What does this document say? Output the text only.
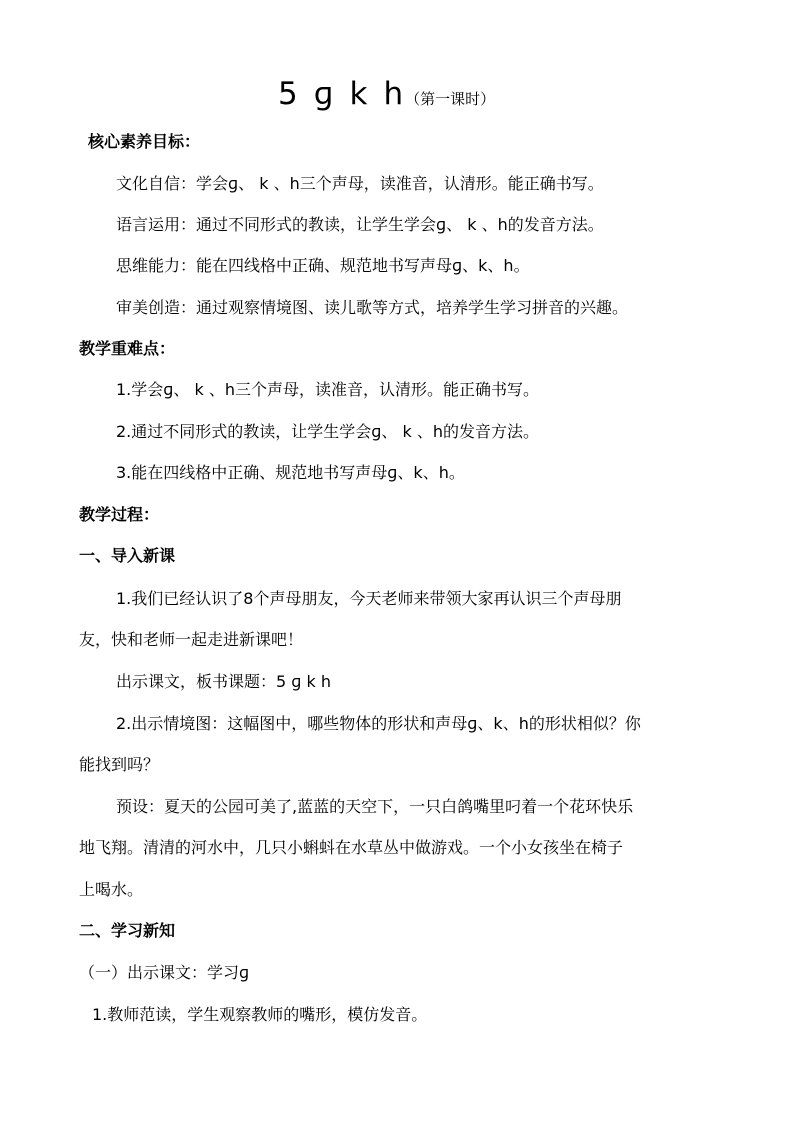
5 ɡ k h （第一课时）

核心素养目标：

文化自信：学会ɡ、 k 、h三个声母，读准音，认清形。能正确书写。

语言运用：通过不同形式的教读，让学生学会ɡ、 k 、h的发音方法。

思维能力：能在四线格中正确、规范地书写声母ɡ、k、h。

审美创造：通过观察情境图、读儿歌等方式，培养学生学习拼音的兴趣。

教学重难点：

1.学会ɡ、 k 、h三个声母，读准音，认清形。能正确书写。

2.通过不同形式的教读，让学生学会ɡ、 k 、h的发音方法。

3.能在四线格中正确、规范地书写声母ɡ、k、h。

教学过程：

一、导入新课

1.我们已经认识了8个声母朋友，今天老师来带领大家再认识三个声母朋

友，快和老师一起走进新课吧！

出示课文，板书课题：5 ɡ k h

2.出示情境图：这幅图中，哪些物体的形状和声母ɡ、k、h的形状相似？你

能找到吗？

预设：夏天的公园可美了,蓝蓝的天空下，一只白鸽嘴里叼着一个花环快乐

地飞翔。清清的河水中，几只小蝌蚪在水草丛中做游戏。一个小女孩坐在椅子

上喝水。

二、学习新知

（一）出示课文：学习ɡ

1.教师范读，学生观察教师的嘴形，模仿发音。
